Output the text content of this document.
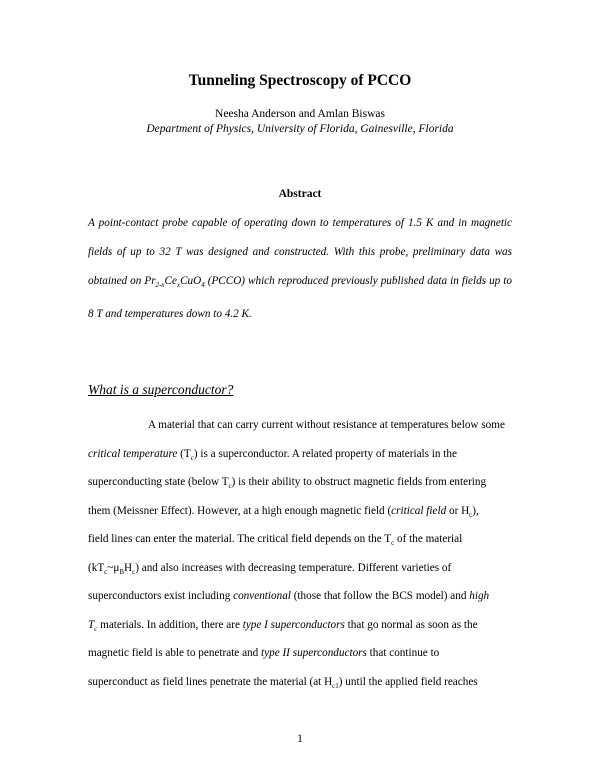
Tunneling Spectroscopy of PCCO
Neesha Anderson and Amlan Biswas
Department of Physics, University of Florida, Gainesville, Florida
Abstract
A point-contact probe capable of operating down to temperatures of 1.5 K and in magnetic fields of up to 32 T was designed and constructed. With this probe, preliminary data was obtained on $Pr_{2-x}Ce_xCuO_4$ (PCCO) which reproduced previously published data in fields up to 8 T and temperatures down to 4.2 K.
What is a superconductor?
A material that can carry current without resistance at temperatures below some
critical temperature $(T_c)$ is a superconductor. A related property of materials in the
superconducting state (below $T_c$) is their ability to obstruct magnetic fields from entering
them (Meissner Effect). However, at a high enough magnetic field (critical field or $H_c$),
field lines can enter the material. The critical field depends on the $T_c$ of the material
$(kT_c\sim\mu_BH_c)$ and also increases with decreasing temperature. Different varieties of
superconductors exist including conventional (those that follow the BCS model) and high
$T_c$ materials. In addition, there are type I superconductors that go normal as soon as the
magnetic field is able to penetrate and type II superconductors that continue to
superconduct as field lines penetrate the material (at $H_{c1}$) until the applied field reaches
1
